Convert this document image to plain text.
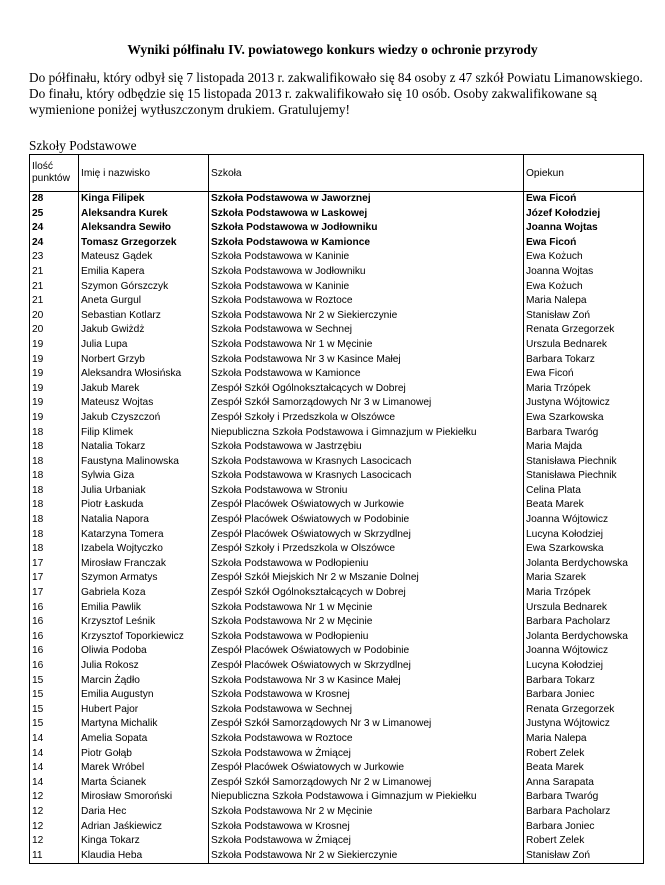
Wyniki półfinału IV. powiatowego konkurs wiedzy o ochronie przyrody
Do półfinału, który odbył się 7 listopada 2013 r. zakwalifikowało się 84 osoby z 47 szkół Powiatu Limanowskiego. Do finału, który odbędzie się 15 listopada 2013 r. zakwalifikowało się 10 osób. Osoby zakwalifikowane są wymienione poniżej wytłuszczonym drukiem. Gratulujemy!
Szkoły Podstawowe
Ilość
punktów	Imię i nazwisko	Szkoła	Opiekun
28	Kinga Filipek	Szkoła Podstawowa w Jaworznej	Ewa Ficoń
25	Aleksandra Kurek	Szkoła Podstawowa w Laskowej	Józef Kołodziej
24	Aleksandra Sewiło	Szkoła Podstawowa w Jodłowniku	Joanna Wojtas
24	Tomasz Grzegorzek	Szkoła Podstawowa w Kamionce	Ewa Ficoń
23	Mateusz Gądek	Szkoła Podstawowa w Kaninie	Ewa Kożuch
21	Emilia Kapera	Szkoła Podstawowa w Jodłowniku	Joanna Wojtas
21	Szymon Górszczyk	Szkoła Podstawowa w Kaninie	Ewa Kożuch
21	Aneta Gurgul	Szkoła Podstawowa w Roztoce	Maria Nalepa
20	Sebastian Kotlarz	Szkoła Podstawowa Nr 2 w Siekierczynie	Stanisław Zoń
20	Jakub Gwiżdż	Szkoła Podstawowa w Sechnej	Renata Grzegorzek
19	Julia Lupa	Szkoła Podstawowa Nr 1 w Męcinie	Urszula Bednarek
19	Norbert Grzyb	Szkoła Podstawowa Nr 3 w Kasince Małej	Barbara Tokarz
19	Aleksandra Włosińska	Szkoła Podstawowa w Kamionce	Ewa Ficoń
19	Jakub Marek	Zespół Szkół Ogólnokształcących w Dobrej	Maria Trzópek
19	Mateusz Wojtas	Zespół Szkół Samorządowych Nr 3 w Limanowej	Justyna Wójtowicz
19	Jakub Czyszczoń	Zespół Szkoły i Przedszkola w Olszówce	Ewa Szarkowska
18	Filip Klimek	Niepubliczna Szkoła Podstawowa i Gimnazjum w Piekiełku	Barbara Twaróg
18	Natalia Tokarz	Szkoła Podstawowa w Jastrzębiu	Maria Majda
18	Faustyna Malinowska	Szkoła Podstawowa w Krasnych Lasocicach	Stanisława Piechnik
18	Sylwia Giza	Szkoła Podstawowa w Krasnych Lasocicach	Stanisława Piechnik
18	Julia Urbaniak	Szkoła Podstawowa w Stroniu	Celina Plata
18	Piotr Łaskuda	Zespół Placówek Oświatowych w Jurkowie	Beata Marek
18	Natalia Napora	Zespół Placówek Oświatowych w Podobinie	Joanna Wójtowicz
18	Katarzyna Tomera	Zespół Placówek Oświatowych w Skrzydlnej	Lucyna Kołodziej
18	Izabela Wojtyczko	Zespół Szkoły i Przedszkola w Olszówce	Ewa Szarkowska
17	Mirosław Franczak	Szkoła Podstawowa w Podłopieniu	Jolanta Berdychowska
17	Szymon Armatys	Zespół Szkół Miejskich Nr 2 w Mszanie Dolnej	Maria Szarek
17	Gabriela Koza	Zespół Szkół Ogólnokształcących w Dobrej	Maria Trzópek
16	Emilia Pawlik	Szkoła Podstawowa Nr 1 w Męcinie	Urszula Bednarek
16	Krzysztof Leśnik	Szkoła Podstawowa Nr 2 w Męcinie	Barbara Pacholarz
16	Krzysztof Toporkiewicz	Szkoła Podstawowa w Podłopieniu	Jolanta Berdychowska
16	Oliwia Podoba	Zespół Placówek Oświatowych w Podobinie	Joanna Wójtowicz
16	Julia Rokosz	Zespół Placówek Oświatowych w Skrzydlnej	Lucyna Kołodziej
15	Marcin Żądło	Szkoła Podstawowa Nr 3 w Kasince Małej	Barbara Tokarz
15	Emilia Augustyn	Szkoła Podstawowa w Krosnej	Barbara Joniec
15	Hubert Pajor	Szkoła Podstawowa w Sechnej	Renata Grzegorzek
15	Martyna Michalik	Zespół Szkół Samorządowych Nr 3 w Limanowej	Justyna Wójtowicz
14	Amelia Sopata	Szkoła Podstawowa w Roztoce	Maria Nalepa
14	Piotr Gołąb	Szkoła Podstawowa w Żmiącej	Robert Zelek
14	Marek Wróbel	Zespół Placówek Oświatowych w Jurkowie	Beata Marek
14	Marta Ścianek	Zespół Szkół Samorządowych Nr 2 w Limanowej	Anna Sarapata
12	Mirosław Smoroński	Niepubliczna Szkoła Podstawowa i Gimnazjum w Piekiełku	Barbara Twaróg
12	Daria Hec	Szkoła Podstawowa Nr 2 w Męcinie	Barbara Pacholarz
12	Adrian Jaśkiewicz	Szkoła Podstawowa w Krosnej	Barbara Joniec
12	Kinga Tokarz	Szkoła Podstawowa w Żmiącej	Robert Zelek
11	Klaudia Heba	Szkoła Podstawowa Nr 2 w Siekierczynie	Stanisław Zoń
